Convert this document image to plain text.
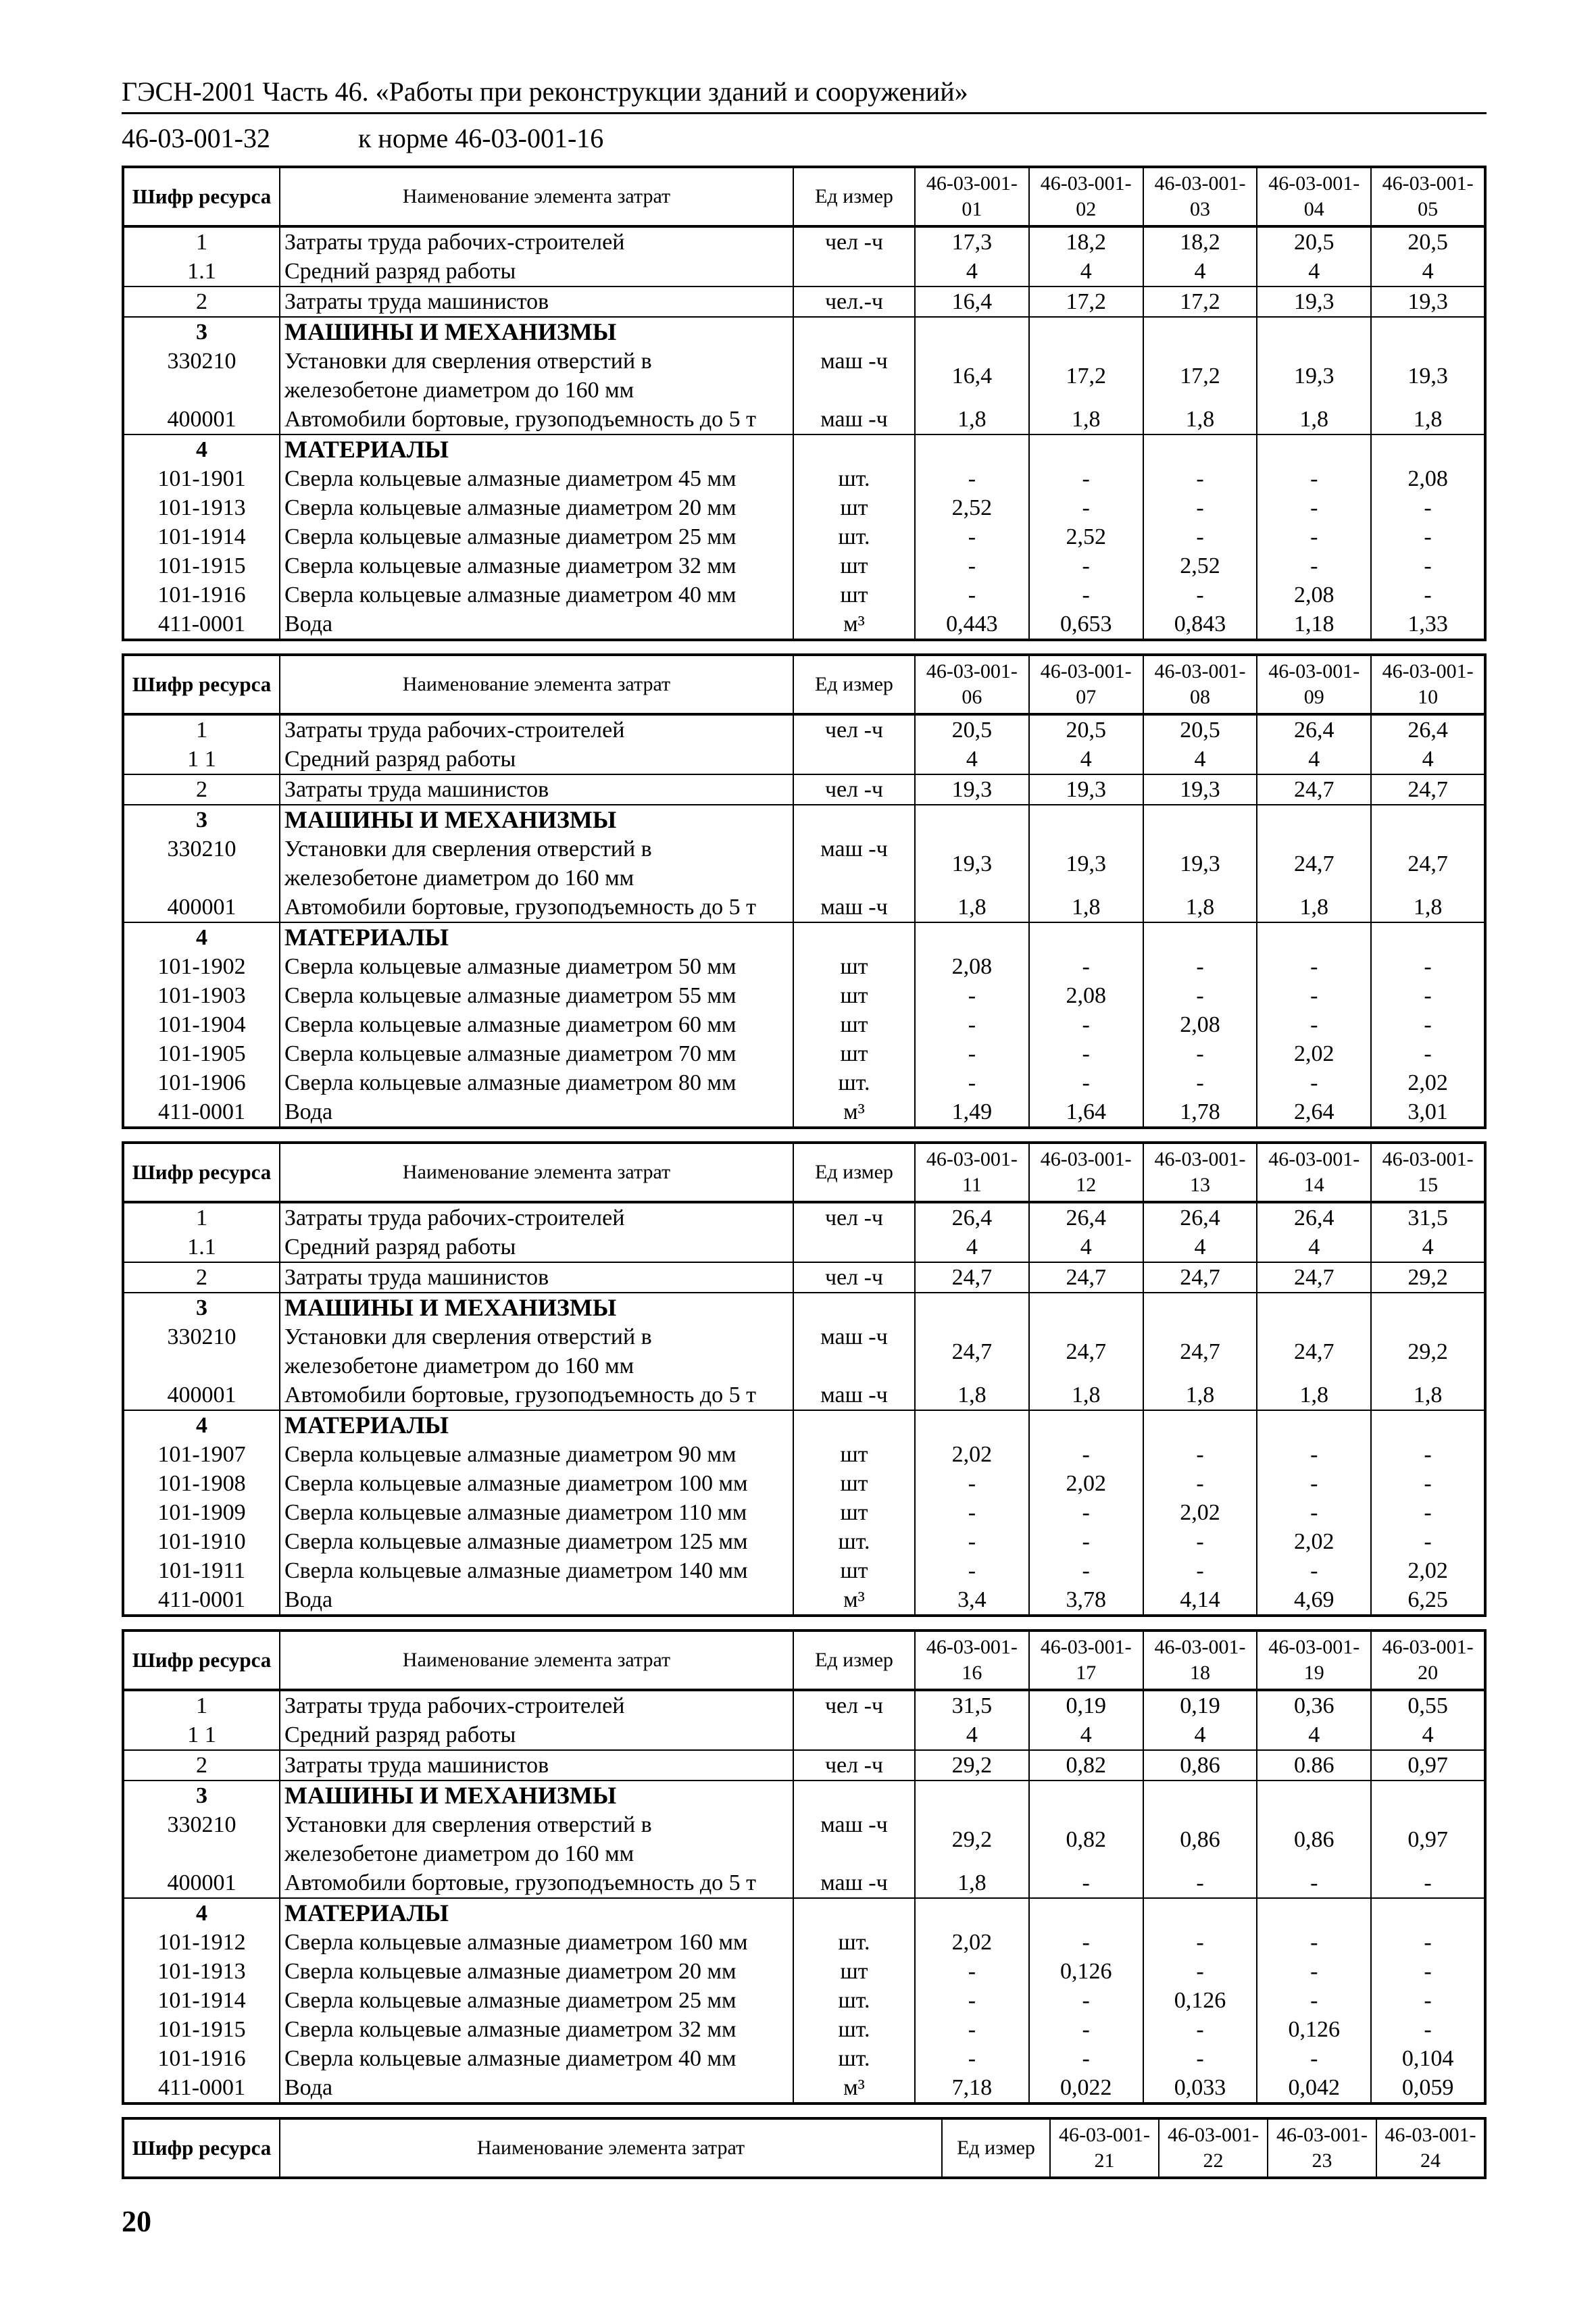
ГЭСН-2001 Часть 46. «Работы при реконструкции зданий и сооружений»
46-03-001-32	к норме 46-03-001-16
Шифр ресурса	Наименование элемента затрат	Ед измер	46-03-001-01	46-03-001-02	46-03-001-03	46-03-001-04	46-03-001-05
1	Затраты труда рабочих-строителей	чел -ч	17,3	18,2	18,2	20,5	20,5
1.1	Средний разряд работы		4	4	4	4	4
2	Затраты труда машинистов	чел.-ч	16,4	17,2	17,2	19,3	19,3
3	МАШИНЫ И МЕХАНИЗМЫ						
330210	Установки для сверления отверстий в железобетоне диаметром до 160 мм	маш -ч	16,4	17,2	17,2	19,3	19,3
400001	Автомобили бортовые, грузоподъемность до 5 т	маш -ч	1,8	1,8	1,8	1,8	1,8
4	МАТЕРИАЛЫ						
101-1901	Сверла кольцевые алмазные диаметром 45 мм	шт.	-	-	-	-	2,08
101-1913	Сверла кольцевые алмазные диаметром 20 мм	шт	2,52	-	-	-	-
101-1914	Сверла кольцевые алмазные диаметром 25 мм	шт.	-	2,52	-	-	-
101-1915	Сверла кольцевые алмазные диаметром 32 мм	шт	-	-	2,52	-	-
101-1916	Сверла кольцевые алмазные диаметром 40 мм	шт	-	-	-	2,08	-
411-0001	Вода	м³	0,443	0,653	0,843	1,18	1,33
Шифр ресурса	Наименование элемента затрат	Ед измер	46-03-001-06	46-03-001-07	46-03-001-08	46-03-001-09	46-03-001-10
1	Затраты труда рабочих-строителей	чел -ч	20,5	20,5	20,5	26,4	26,4
1 1	Средний разряд работы		4	4	4	4	4
2	Затраты труда машинистов	чел -ч	19,3	19,3	19,3	24,7	24,7
3	МАШИНЫ И МЕХАНИЗМЫ						
330210	Установки для сверления отверстий в железобетоне диаметром до 160 мм	маш -ч	19,3	19,3	19,3	24,7	24,7
400001	Автомобили бортовые, грузоподъемность до 5 т	маш -ч	1,8	1,8	1,8	1,8	1,8
4	МАТЕРИАЛЫ						
101-1902	Сверла кольцевые алмазные диаметром 50 мм	шт	2,08	-	-	-	-
101-1903	Сверла кольцевые алмазные диаметром 55 мм	шт	-	2,08	-	-	-
101-1904	Сверла кольцевые алмазные диаметром 60 мм	шт	-	-	2,08	-	-
101-1905	Сверла кольцевые алмазные диаметром 70 мм	шт	-	-	-	2,02	-
101-1906	Сверла кольцевые алмазные диаметром 80 мм	шт.	-	-	-	-	2,02
411-0001	Вода	м³	1,49	1,64	1,78	2,64	3,01
Шифр ресурса	Наименование элемента затрат	Ед измер	46-03-001-11	46-03-001-12	46-03-001-13	46-03-001-14	46-03-001-15
1	Затраты труда рабочих-строителей	чел -ч	26,4	26,4	26,4	26,4	31,5
1.1	Средний разряд работы		4	4	4	4	4
2	Затраты труда машинистов	чел -ч	24,7	24,7	24,7	24,7	29,2
3	МАШИНЫ И МЕХАНИЗМЫ						
330210	Установки для сверления отверстий в железобетоне диаметром до 160 мм	маш -ч	24,7	24,7	24,7	24,7	29,2
400001	Автомобили бортовые, грузоподъемность до 5 т	маш -ч	1,8	1,8	1,8	1,8	1,8
4	МАТЕРИАЛЫ						
101-1907	Сверла кольцевые алмазные диаметром 90 мм	шт	2,02	-	-	-	-
101-1908	Сверла кольцевые алмазные диаметром 100 мм	шт	-	2,02	-	-	-
101-1909	Сверла кольцевые алмазные диаметром 110 мм	шт	-	-	2,02	-	-
101-1910	Сверла кольцевые алмазные диаметром 125 мм	шт.	-	-	-	2,02	-
101-1911	Сверла кольцевые алмазные диаметром 140 мм	шт	-	-	-	-	2,02
411-0001	Вода	м³	3,4	3,78	4,14	4,69	6,25
Шифр ресурса	Наименование элемента затрат	Ед измер	46-03-001-16	46-03-001-17	46-03-001-18	46-03-001-19	46-03-001-20
1	Затраты труда рабочих-строителей	чел -ч	31,5	0,19	0,19	0,36	0,55
1 1	Средний разряд работы		4	4	4	4	4
2	Затраты труда машинистов	чел -ч	29,2	0,82	0,86	0.86	0,97
3	МАШИНЫ И МЕХАНИЗМЫ						
330210	Установки для сверления отверстий в железобетоне диаметром до 160 мм	маш -ч	29,2	0,82	0,86	0,86	0,97
400001	Автомобили бортовые, грузоподъемность до 5 т	маш -ч	1,8	-	-	-	-
4	МАТЕРИАЛЫ						
101-1912	Сверла кольцевые алмазные диаметром 160 мм	шт.	2,02	-	-	-	-
101-1913	Сверла кольцевые алмазные диаметром 20 мм	шт	-	0,126	-	-	-
101-1914	Сверла кольцевые алмазные диаметром 25 мм	шт.	-	-	0,126	-	-
101-1915	Сверла кольцевые алмазные диаметром 32 мм	шт.	-	-	-	0,126	-
101-1916	Сверла кольцевые алмазные диаметром 40 мм	шт.	-	-	-	-	0,104
411-0001	Вода	м³	7,18	0,022	0,033	0,042	0,059
Шифр ресурса	Наименование элемента затрат	Ед измер	46-03-001-21	46-03-001-22	46-03-001-23	46-03-001-24
20
